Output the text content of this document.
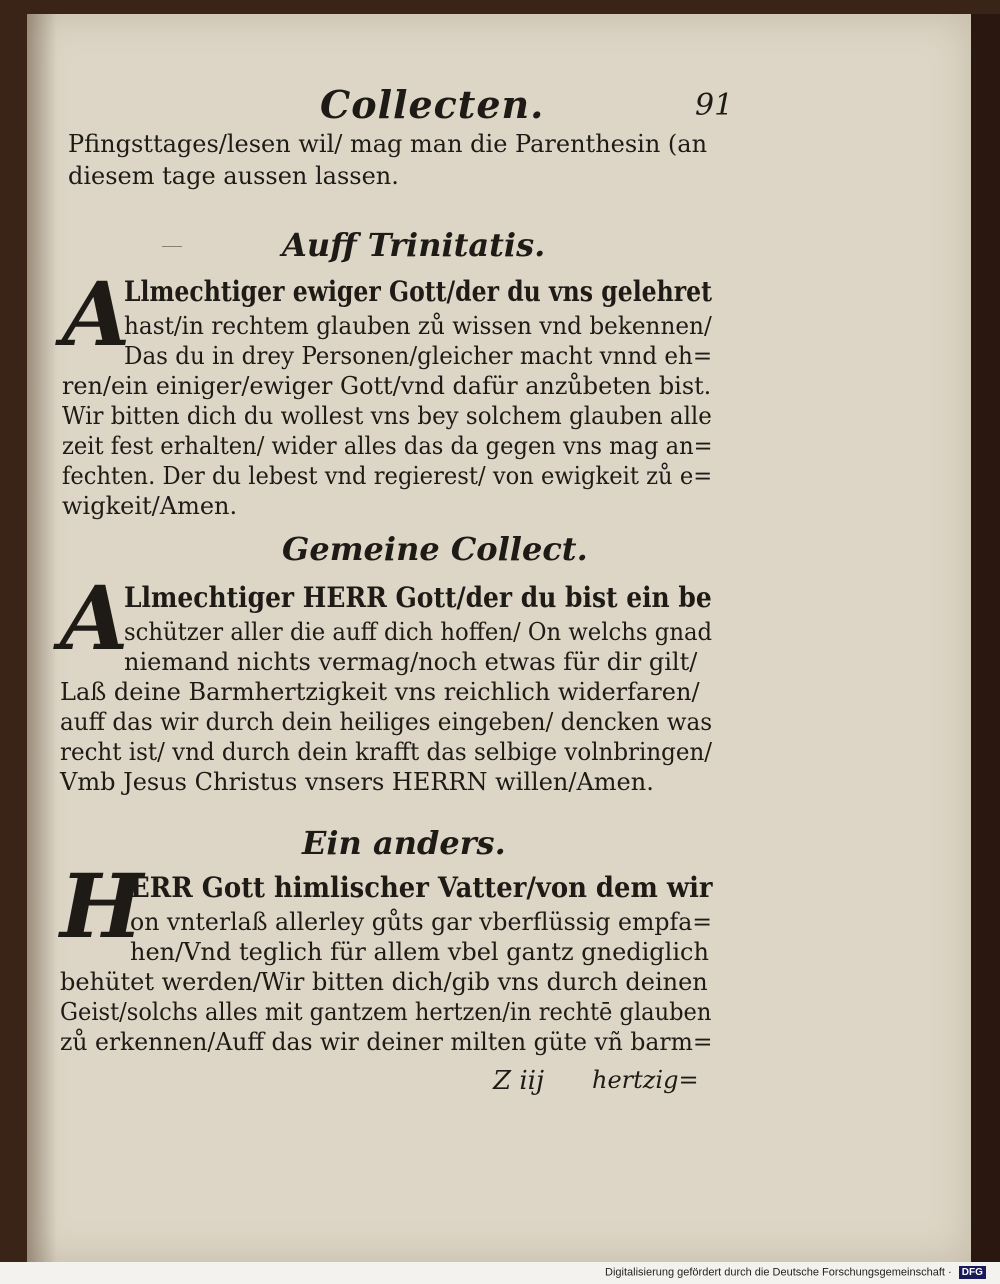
Collecten.	91

Pfingsttages/lesen wil/ mag man die Parenthesin (an

diesem tage aussen lassen.

Auff Trinitatis.

A

Llmechtiger ewiger Gott/der du vns gelehret

hast/in rechtem glauben zů wissen vnd bekennen/

Das du in drey Personen/gleicher macht vnnd eh=

ren/ein einiger/ewiger Gott/vnd dafür anzůbeten bist.

Wir bitten dich du wollest vns bey solchem glauben alle

zeit fest erhalten/ wider alles das da gegen vns mag an=

fechten. Der du lebest vnd regierest/ von ewigkeit zů e=

wigkeit/Amen.

Gemeine Collect.

A

Llmechtiger HERR Gott/der du bist ein be

schützer aller die auff dich hoffen/ On welchs gnad

niemand nichts vermag/noch etwas für dir gilt/

Laß deine Barmhertzigkeit vns reichlich widerfaren/

auff das wir durch dein heiliges eingeben/ dencken was

recht ist/ vnd durch dein krafft das selbige volnbringen/

Vmb Jesus Christus vnsers HERRN willen/Amen.

Ein anders.

H

ERR Gott himlischer Vatter/von dem wir

on vnterlaß allerley gůts gar vberflüssig empfa=

hen/Vnd teglich für allem vbel gantz gnediglich

behütet werden/Wir bitten dich/gib vns durch deinen

Geist/solchs alles mit gantzem hertzen/in rechtē glauben

zů erkennen/Auff das wir deiner milten güte vñ barm=

Z iij hertzig=

Digitalisierung gefördert durch die Deutsche Forschungsgemeinschaft · DFG
